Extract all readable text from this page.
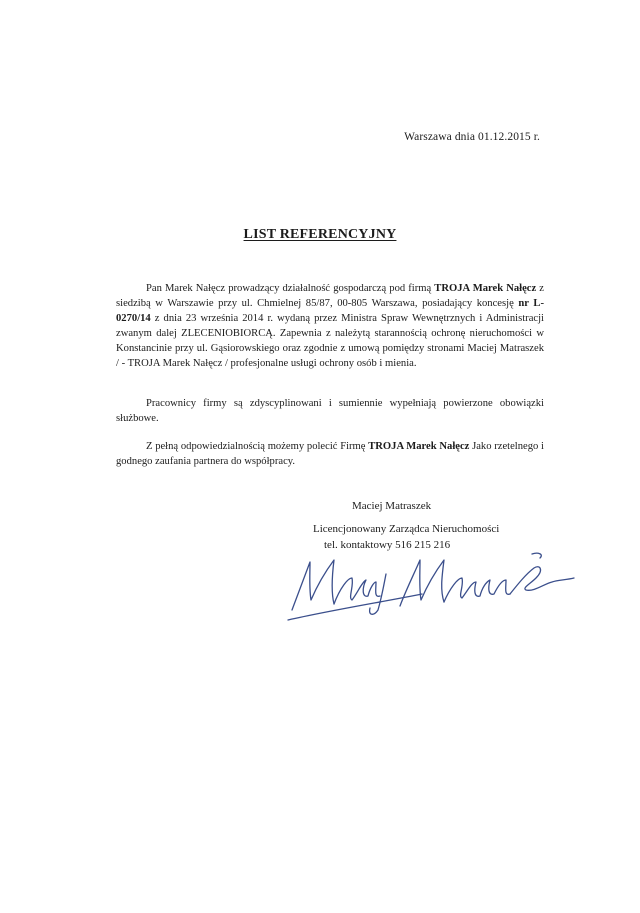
Warszawa dnia 01.12.2015 r.
LIST REFERENCYJNY
Pan Marek Nałęcz prowadzący działalność gospodarczą pod firmą TROJA Marek Nałęcz z siedzibą w Warszawie przy ul. Chmielnej 85/87, 00-805 Warszawa, posiadający koncesję nr L-0270/14 z dnia 23 września 2014 r. wydaną przez Ministra Spraw Wewnętrznych i Administracji zwanym dalej ZLECENIOBIORCĄ. Zapewnia z należytą starannością ochronę nieruchomości w Konstancinie przy ul. Gąsiorowskiego oraz zgodnie z umową pomiędzy stronami Maciej Matraszek / - TROJA Marek Nałęcz / profesjonalne usługi ochrony osób i mienia.
Pracownicy firmy są zdyscyplinowani i sumiennie wypełniają powierzone obowiązki służbowe.
Z pełną odpowiedzialnością możemy polecić Firmę TROJA Marek Nałęcz Jako rzetelnego i godnego zaufania partnera do współpracy.
Maciej Matraszek
Licencjonowany Zarządca Nieruchomości
tel. kontaktowy 516 215 216
